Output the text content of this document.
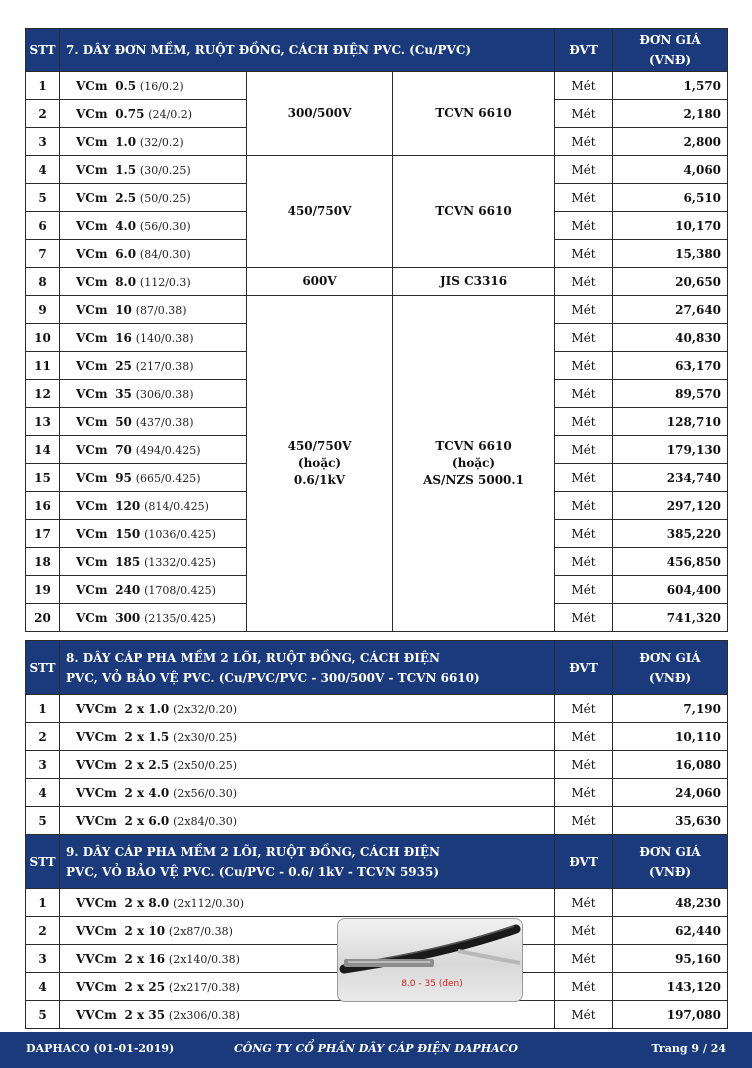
STT	7. DÂY ĐƠN MỀM, RUỘT ĐỒNG, CÁCH ĐIỆN PVC. (Cu/PVC)			ĐVT	ĐƠN GIÁ
(VNĐ)
1	VCm 0.5 (16/0.2)	300/500V	TCVN 6610	Mét	1,570
2	VCm 0.75 (24/0.2)			Mét	2,180
3	VCm 1.0 (32/0.2)			Mét	2,800
4	VCm 1.5 (30/0.25)	450/750V	TCVN 6610	Mét	4,060
5	VCm 2.5 (50/0.25)			Mét	6,510
6	VCm 4.0 (56/0.30)			Mét	10,170
7	VCm 6.0 (84/0.30)			Mét	15,380
8	VCm 8.0 (112/0.3)	600V	JIS C3316	Mét	20,650
9	VCm 10 (87/0.38)	450/750V
(hoặc)
0.6/1kV	TCVN 6610
(hoặc)
AS/NZS 5000.1	Mét	27,640
10	VCm 16 (140/0.38)			Mét	40,830
11	VCm 25 (217/0.38)			Mét	63,170
12	VCm 35 (306/0.38)			Mét	89,570
13	VCm 50 (437/0.38)			Mét	128,710
14	VCm 70 (494/0.425)			Mét	179,130
15	VCm 95 (665/0.425)			Mét	234,740
16	VCm 120 (814/0.425)			Mét	297,120
17	VCm 150 (1036/0.425)			Mét	385,220
18	VCm 185 (1332/0.425)			Mét	456,850
19	VCm 240 (1708/0.425)			Mét	604,400
20	VCm 300 (2135/0.425)			Mét	741,320
STT	8. DÂY CÁP PHA MỀM 2 LÕI, RUỘT ĐỒNG, CÁCH ĐIỆN
PVC, VỎ BẢO VỆ PVC. (Cu/PVC/PVC - 300/500V - TCVN 6610)	ĐVT	ĐƠN GIÁ
(VNĐ)
1	VVCm 2 x 1.0 (2x32/0.20)	Mét	7,190
2	VVCm 2 x 1.5 (2x30/0.25)	Mét	10,110
3	VVCm 2 x 2.5 (2x50/0.25)	Mét	16,080
4	VVCm 2 x 4.0 (2x56/0.30)	Mét	24,060
5	VVCm 2 x 6.0 (2x84/0.30)	Mét	35,630
STT	9. DÂY CÁP PHA MỀM 2 LÕI, RUỘT ĐỒNG, CÁCH ĐIỆN
PVC, VỎ BẢO VỆ PVC. (Cu/PVC - 0.6/ 1kV - TCVN 5935)	ĐVT	ĐƠN GIÁ
(VNĐ)
1	VVCm 2 x 8.0 (2x112/0.30)	Mét	48,230
2	VVCm 2 x 10 (2x87/0.38)	Mét	62,440
3	VVCm 2 x 16 (2x140/0.38)	Mét	95,160
4	VVCm 2 x 25 (2x217/0.38)	Mét	143,120
5	VVCm 2 x 35 (2x306/0.38)	Mét	197,080
8.0 - 35 (đen)
DAPHACO (01-01-2019)	CÔNG TY CỔ PHẦN DÂY CÁP ĐIỆN DAPHACO	Trang 9 / 24
